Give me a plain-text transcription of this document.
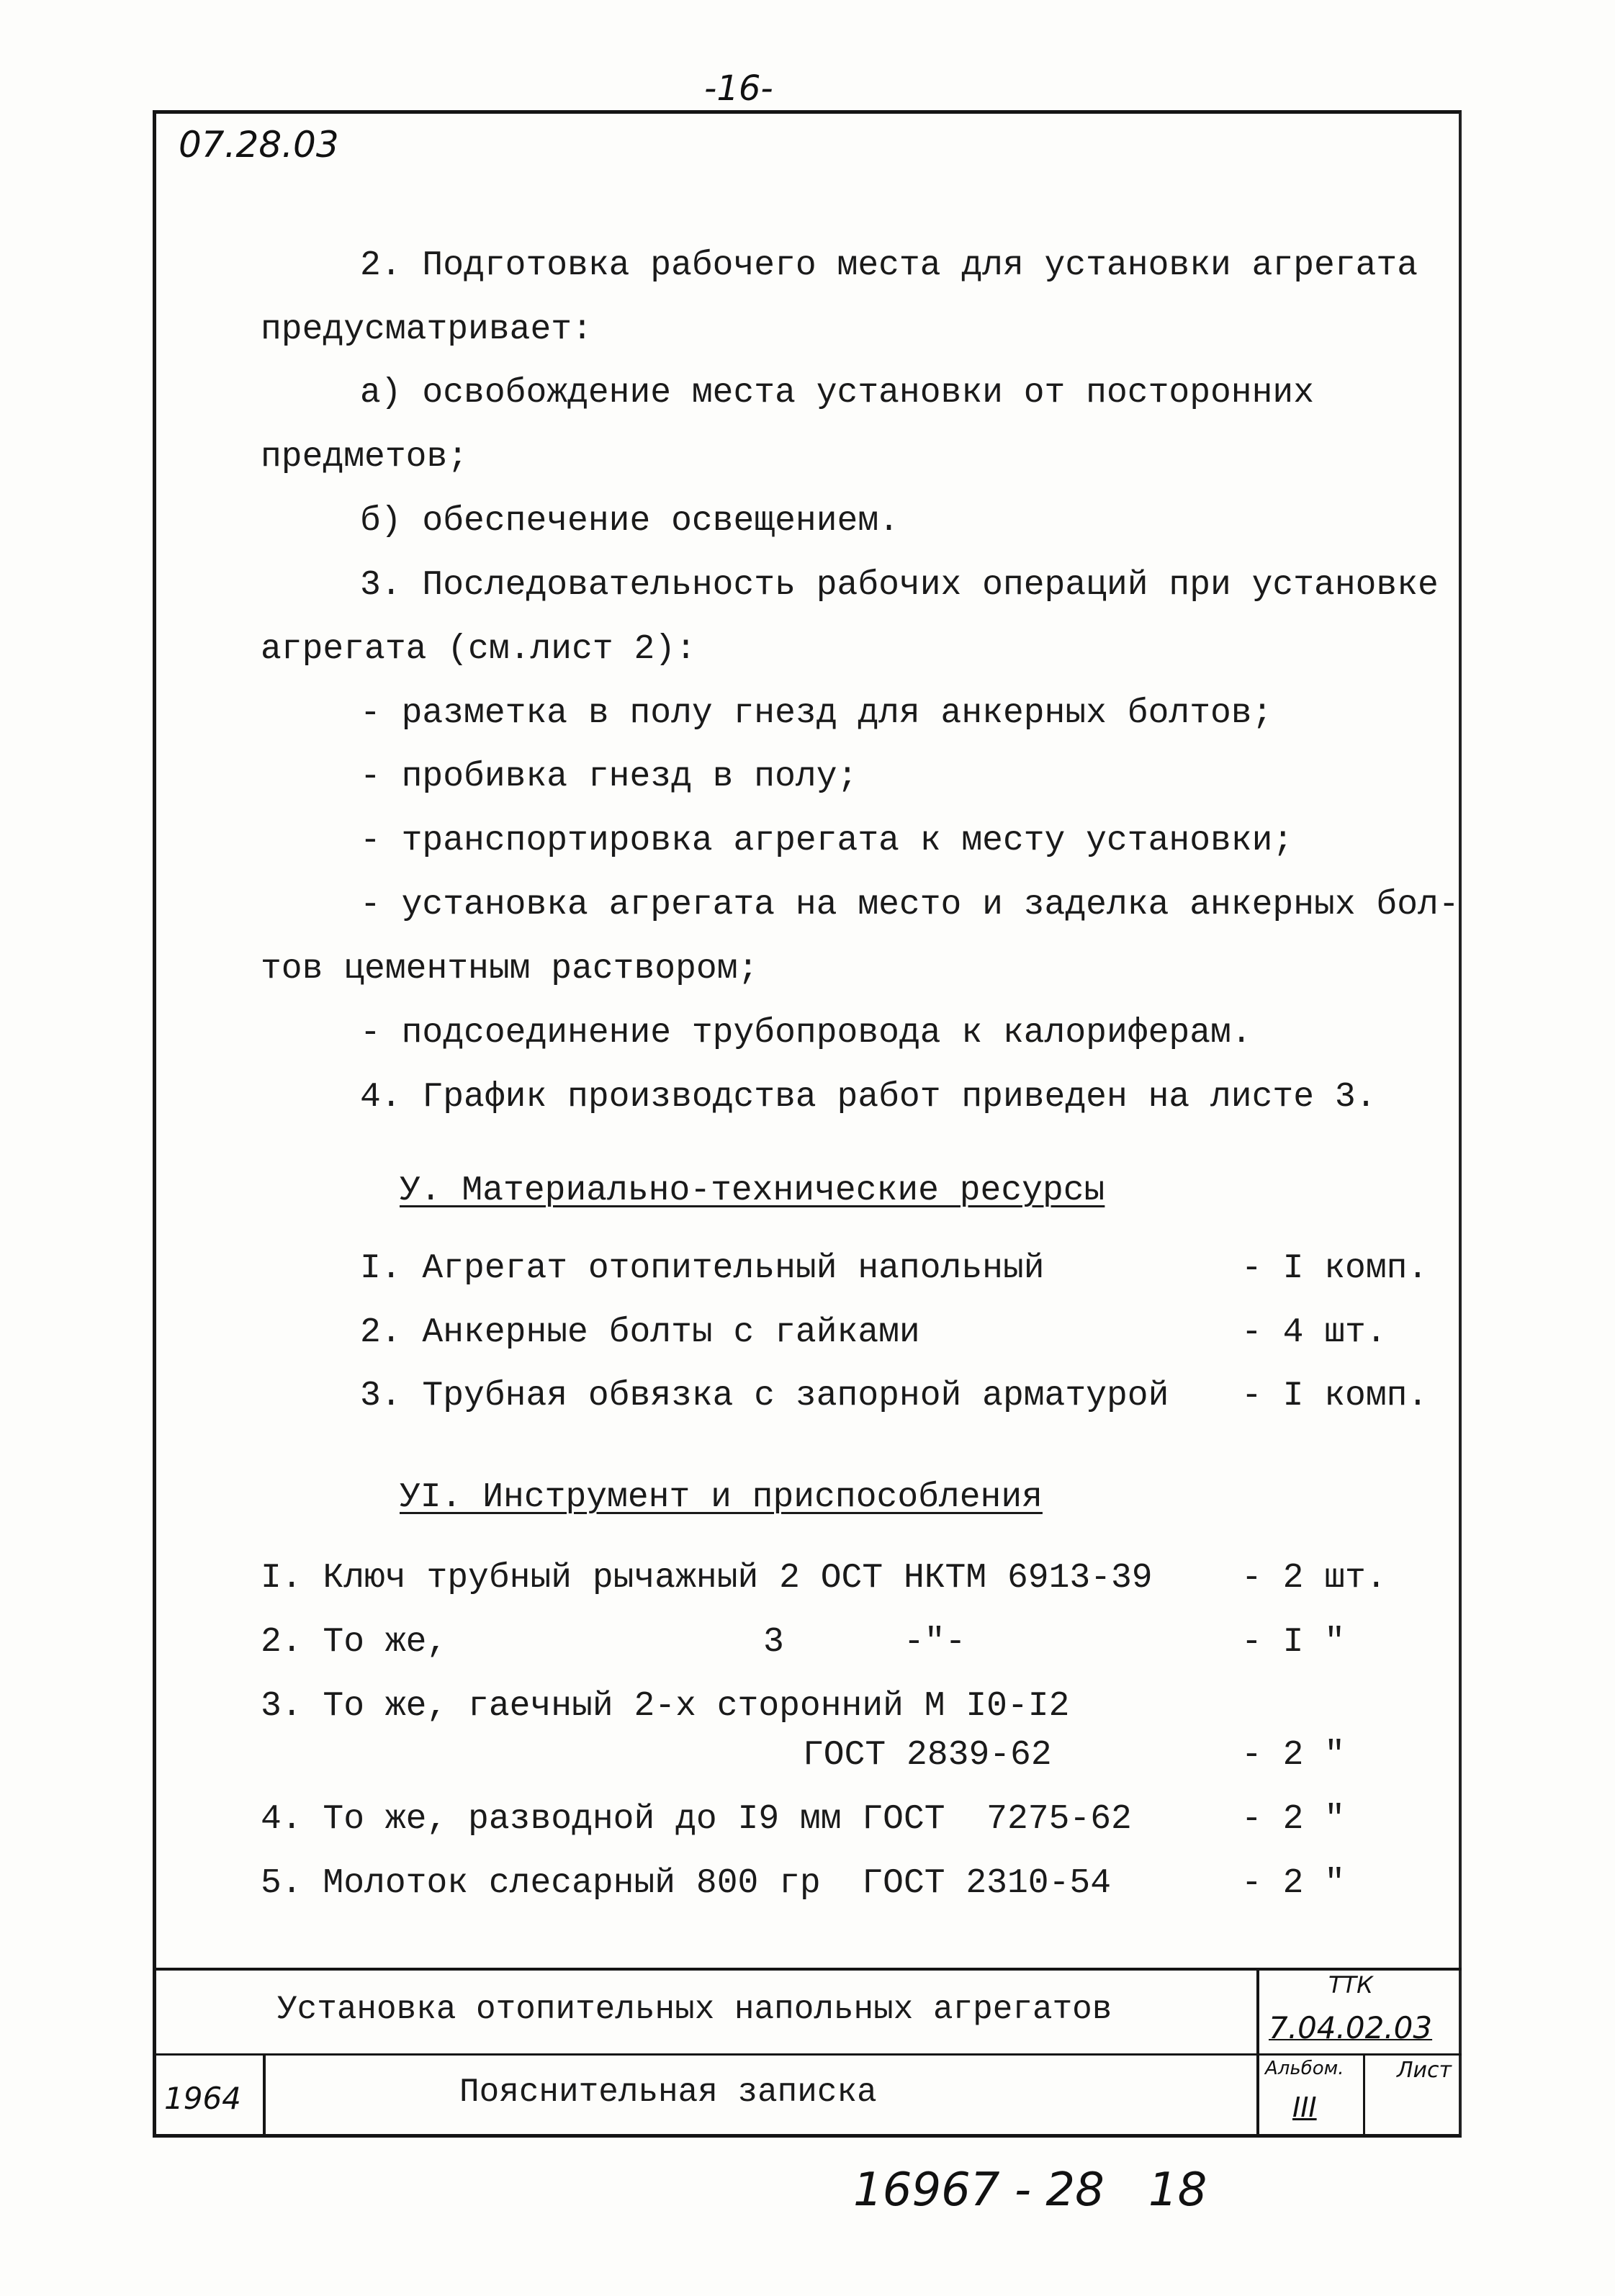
-16-
07.28.03
2. Подготовка рабочего места для установки агрегата
предусматривает:
а) освобождение места установки от посторонних
предметов;
б) обеспечение освещением.
3. Последовательность рабочих операций при установке
агрегата (см.лист 2):
- разметка в полу гнезд для анкерных болтов;
- пробивка гнезд в полу;
- транспортировка агрегата к месту установки;
- установка агрегата на место и заделка анкерных бол-
тов цементным раствором;
- подсоединение трубопровода к калориферам.
4. График производства работ приведен на листе 3.
У. Материально-технические ресурсы
I. Агрегат отопительный напольный	- I комп.
2. Анкерные болты с гайками	- 4 шт.
3. Трубная обвязка с запорной арматурой - I комп.
УI. Инструмент и приспособления
I. Ключ трубный рычажный 2 ОСТ НКТМ 6913-39	- 2 шт.
2. То же,	3	-"-	- I "
3. То же, гаечный 2-х сторонний М I0-I2
ГОСТ 2839-62	- 2 "
4. То же, разводной до I9 мм ГОСТ  7275-62	- 2 "
5. Молоток слесарный 800 гр  ГОСТ 2310-54	- 2 "
Установка отопительных напольных агрегатов
ТТК
7.04.02.03
1964	Пояснительная записка
Альбом.
III
Лист
16967 - 28   18
